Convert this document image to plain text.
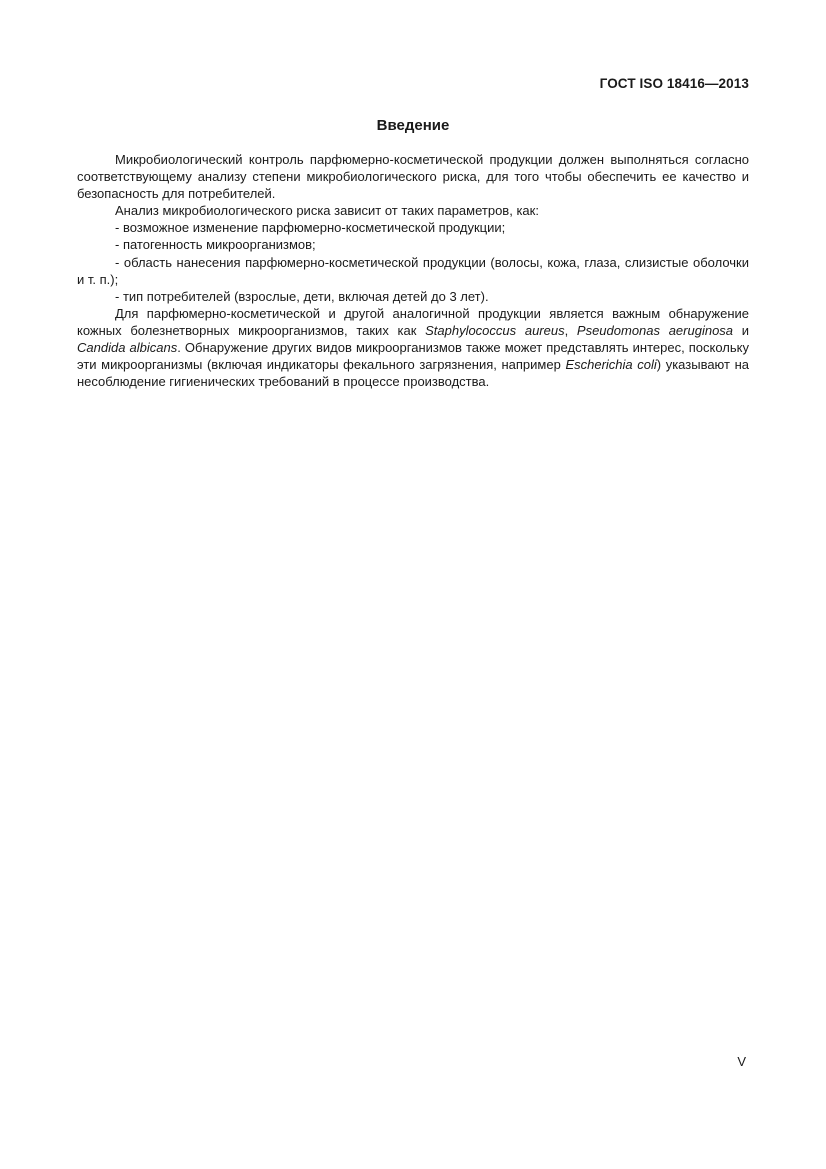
ГОСТ ISO 18416—2013
Введение

Микробиологический контроль парфюмерно-косметической продукции должен выполняться согласно соответствующему анализу степени микробиологического риска, для того чтобы обеспечить ее качество и безопасность для потребителей.

Анализ микробиологического риска зависит от таких параметров, как:

- возможное изменение парфюмерно-косметической продукции;

- патогенность микроорганизмов;

- область нанесения парфюмерно-косметической продукции (волосы, кожа, глаза, слизистые оболочки и т. п.);

- тип потребителей (взрослые, дети, включая детей до 3 лет).

Для парфюмерно-косметической и другой аналогичной продукции является важным обнаружение кожных болезнетворных микроорганизмов, таких как Staphylococcus aureus, Pseudomonas aeruginosa и Candida albicans. Обнаружение других видов микроорганизмов также может представлять интерес, поскольку эти микроорганизмы (включая индикаторы фекального загрязнения, например Escherichia coli) указывают на несоблюдение гигиенических требований в процессе производства.

V
